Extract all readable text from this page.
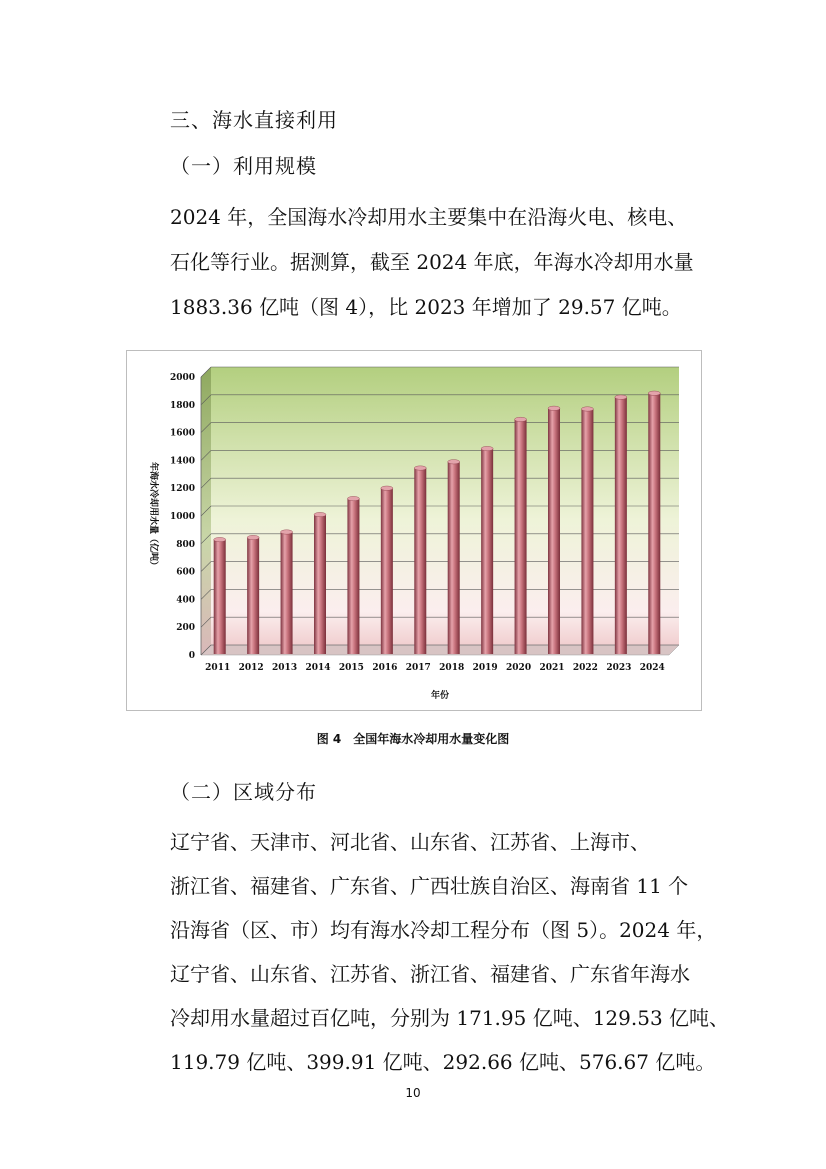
三、海水直接利用
（一）利用规模
2024 年，全国海水冷却用水主要集中在沿海火电、核电、
石化等行业。据测算，截至 2024 年底，年海水冷却用水量
1883.36 亿吨（图 4），比 2023 年增加了 29.57 亿吨。
0
200
400
600
800
1000
1200
1400
1600
1800
2000
2011 2012 2013 2014 2015 2016 2017 2018 2019 2020 2021 2022 2023 2024
年份
年海水冷却用水量（亿吨）
图 4　全国年海水冷却用水量变化图
（二）区域分布
辽宁省、天津市、河北省、山东省、江苏省、上海市、
浙江省、福建省、广东省、广西壮族自治区、海南省 11 个
沿海省（区、市）均有海水冷却工程分布（图 5）。2024 年，
辽宁省、山东省、江苏省、浙江省、福建省、广东省年海水
冷却用水量超过百亿吨，分别为 171.95 亿吨、129.53 亿吨、
119.79 亿吨、399.91 亿吨、292.66 亿吨、576.67 亿吨。
10
